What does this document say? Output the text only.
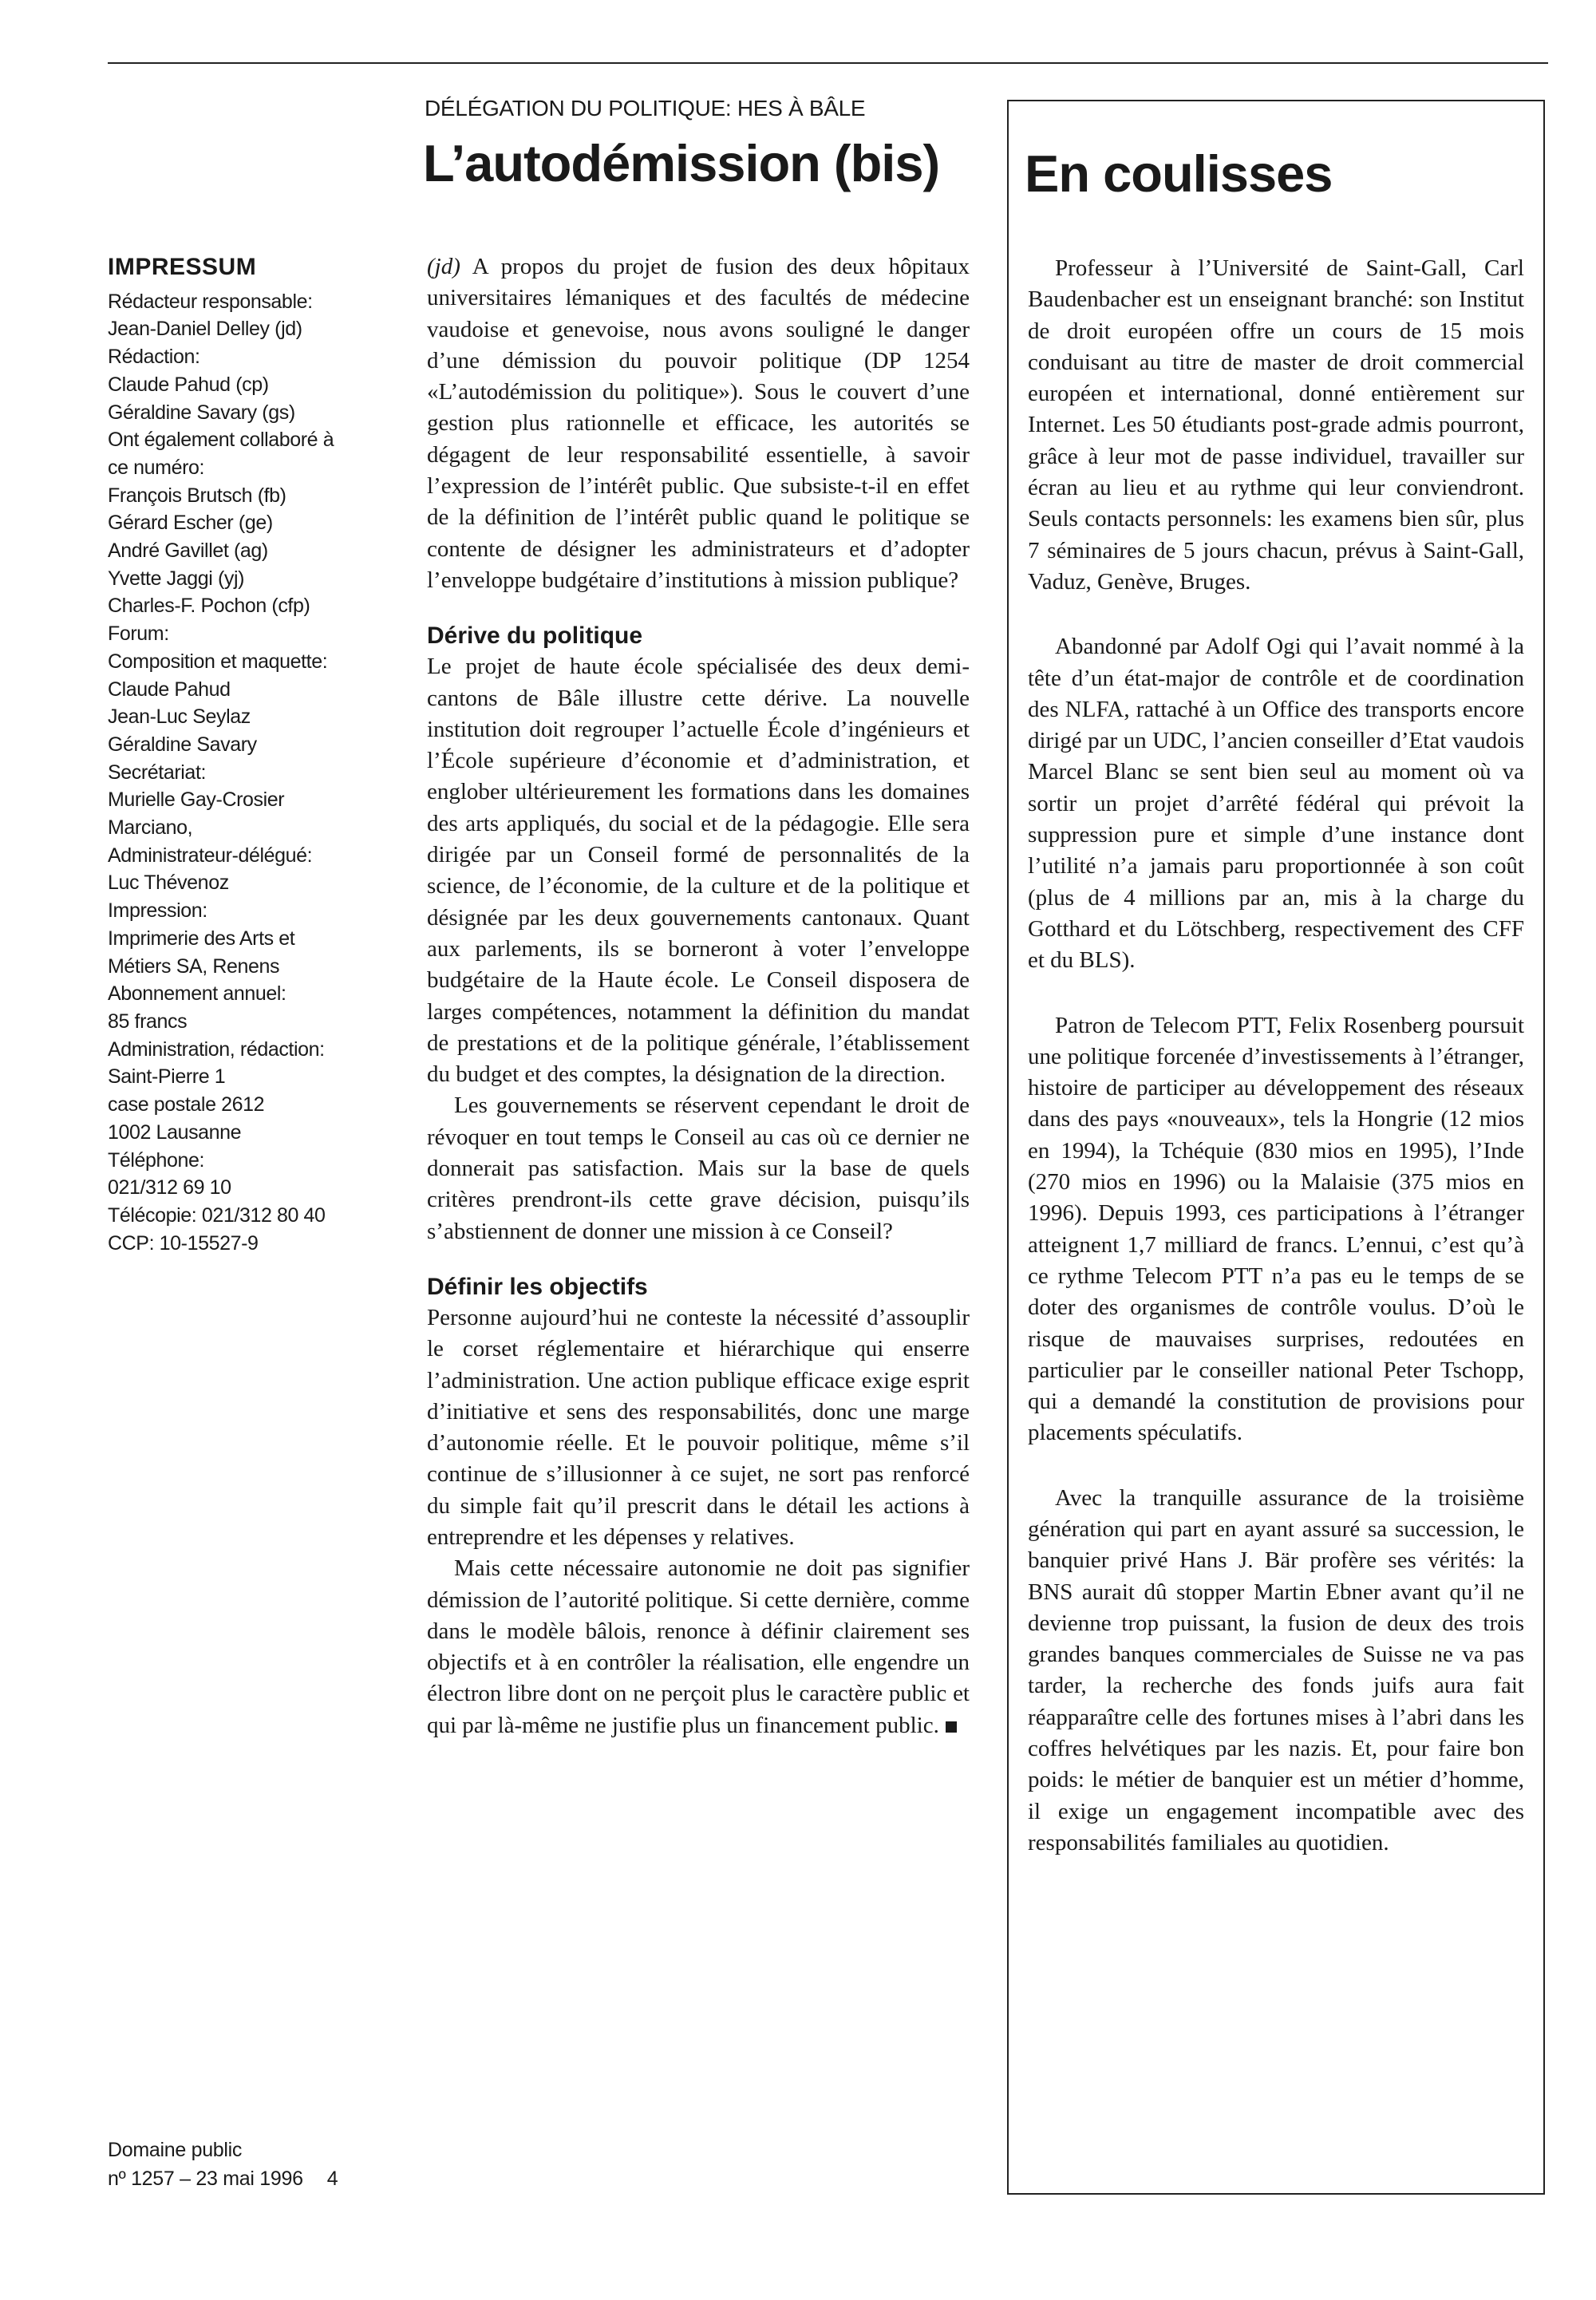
IMPRESSUM
Rédacteur responsable:
Jean-Daniel Delley (jd)
Rédaction:
Claude Pahud (cp)
Géraldine Savary (gs)
Ont également collaboré à
ce numéro:
François Brutsch (fb)
Gérard Escher (ge)
André Gavillet (ag)
Yvette Jaggi (yj)
Charles-F. Pochon (cfp)
Forum:
Composition et maquette:
Claude Pahud
Jean-Luc Seylaz
Géraldine Savary
Secrétariat:
Murielle Gay-Crosier
Marciano,
Administrateur-délégué:
Luc Thévenoz
Impression:
Imprimerie des Arts et
Métiers SA, Renens
Abonnement annuel:
85 francs
Administration, rédaction:
Saint-Pierre 1
case postale 2612
1002 Lausanne
Téléphone:
021/312 69 10
Télécopie: 021/312 80 40
CCP: 10-15527-9
Domaine public
nº 1257 – 23 mai 1996 4
DÉLÉGATION DU POLITIQUE: HES À BÂLE
L’autodémission (bis)

(jd) A propos du projet de fusion des deux hôpitaux universitaires lémaniques et des facultés de médecine vaudoise et genevoise, nous avons souligné le danger d’une démission du pouvoir politique (DP 1254 «L’autodémission du politique»). Sous le couvert d’une gestion plus rationnelle et efficace, les autorités se dégagent de leur responsabilité essentielle, à savoir l’expression de l’intérêt public. Que subsiste-t-il en effet de la définition de l’intérêt public quand le politique se contente de désigner les administrateurs et d’adopter l’enveloppe budgétaire d’institutions à mission publique?

Dérive du politique

Le projet de haute école spécialisée des deux demi-cantons de Bâle illustre cette dérive. La nouvelle institution doit regrouper l’actuelle École d’ingénieurs et l’École supérieure d’économie et d’administration, et englober ultérieurement les formations dans les domaines des arts appliqués, du social et de la pédagogie. Elle sera dirigée par un Conseil formé de personnalités de la science, de l’économie, de la culture et de la politique et désignée par les deux gouvernements cantonaux. Quant aux parlements, ils se borneront à voter l’enveloppe budgétaire de la Haute école. Le Conseil disposera de larges compétences, notamment la définition du mandat de prestations et de la politique générale, l’établissement du budget et des comptes, la désignation de la direction.

Les gouvernements se réservent cependant le droit de révoquer en tout temps le Conseil au cas où ce dernier ne donnerait pas satisfaction. Mais sur la base de quels critères prendront-ils cette grave décision, puisqu’ils s’abstiennent de donner une mission à ce Conseil?

Définir les objectifs

Personne aujourd’hui ne conteste la nécessité d’assouplir le corset réglementaire et hiérarchique qui enserre l’administration. Une action publique efficace exige esprit d’initiative et sens des responsabilités, donc une marge d’autonomie réelle. Et le pouvoir politique, même s’il continue de s’illusionner à ce sujet, ne sort pas renforcé du simple fait qu’il prescrit dans le détail les actions à entreprendre et les dépenses y relatives.

Mais cette nécessaire autonomie ne doit pas signifier démission de l’autorité politique. Si cette dernière, comme dans le modèle bâlois, renonce à définir clairement ses objectifs et à en contrôler la réalisation, elle engendre un électron libre dont on ne perçoit plus le caractère public et qui par là-même ne justifie plus un financement public.

En coulisses

Professeur à l’Université de Saint-Gall, Carl Baudenbacher est un enseignant branché: son Institut de droit européen offre un cours de 15 mois conduisant au titre de master de droit commercial européen et international, donné entièrement sur Internet. Les 50 étudiants post-grade admis pourront, grâce à leur mot de passe individuel, travailler sur écran au lieu et au rythme qui leur conviendront. Seuls contacts personnels: les examens bien sûr, plus 7 séminaires de 5 jours chacun, prévus à Saint-Gall, Vaduz, Genève, Bruges.

Abandonné par Adolf Ogi qui l’avait nommé à la tête d’un état-major de contrôle et de coordination des NLFA, rattaché à un Office des transports encore dirigé par un UDC, l’ancien conseiller d’Etat vaudois Marcel Blanc se sent bien seul au moment où va sortir un projet d’arrêté fédéral qui prévoit la suppression pure et simple d’une instance dont l’utilité n’a jamais paru proportionnée à son coût (plus de 4 millions par an, mis à la charge du Gotthard et du Lötschberg, respectivement des CFF et du BLS).

Patron de Telecom PTT, Felix Rosenberg poursuit une politique forcenée d’investissements à l’étranger, histoire de participer au développement des réseaux dans des pays «nouveaux», tels la Hongrie (12 mios en 1994), la Tchéquie (830 mios en 1995), l’Inde (270 mios en 1996) ou la Malaisie (375 mios en 1996). Depuis 1993, ces participations à l’étranger atteignent 1,7 milliard de francs. L’ennui, c’est qu’à ce rythme Telecom PTT n’a pas eu le temps de se doter des organismes de contrôle voulus. D’où le risque de mauvaises surprises, redoutées en particulier par le conseiller national Peter Tschopp, qui a demandé la constitution de provisions pour placements spéculatifs.

Avec la tranquille assurance de la troisième génération qui part en ayant assuré sa succession, le banquier privé Hans J. Bär profère ses vérités: la BNS aurait dû stopper Martin Ebner avant qu’il ne devienne trop puissant, la fusion de deux des trois grandes banques commerciales de Suisse ne va pas tarder, la recherche des fonds juifs aura fait réapparaître celle des fortunes mises à l’abri dans les coffres helvétiques par les nazis. Et, pour faire bon poids: le métier de banquier est un métier d’homme, il exige un engagement incompatible avec des responsabilités familiales au quotidien.
